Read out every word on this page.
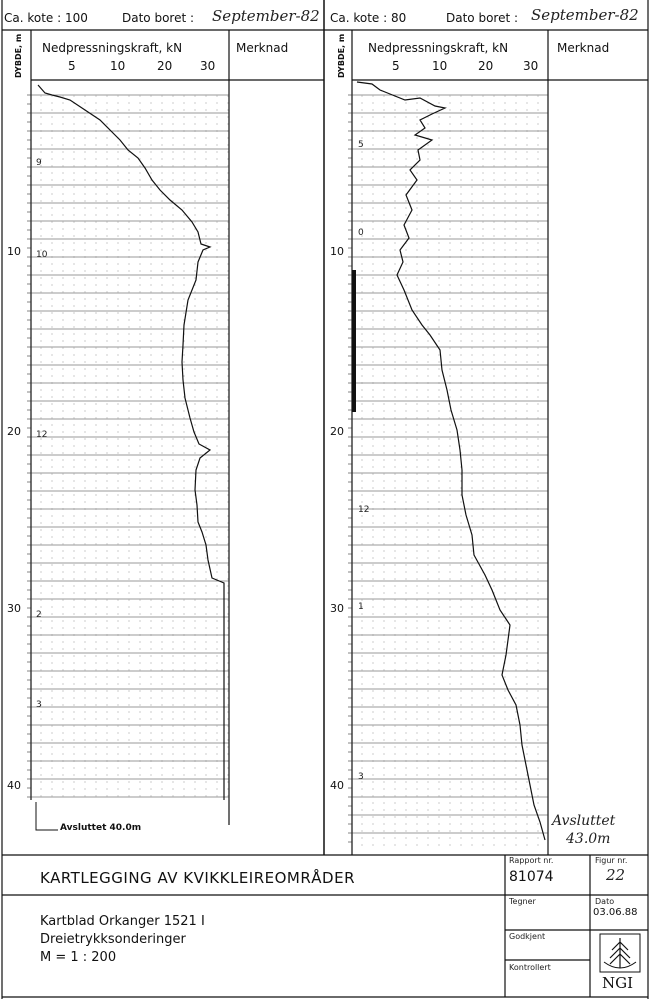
Ca. kote : 100	Dato boret : September-82 Ca. kote : 80	Dato boret : September-82
DYBDE, m Nedpressningskraft, kN	Merknad
5	10	20 30	DYBDE, m Nedpressningskraft, kN	Merknad
5	10	20 30
10
20
30
40
10
20
30
40
9
10
12
2
3
5
0
12
1
3
Avsluttet 40.0m	Avsluttet
43.0m
KARTLEGGING AV KVIKKLEIREOMRÅDER
Rapport nr.
81074
Figur nr.
22
Tegner	Dato
03.06.88
Godkjent
Kontrollert
Kartblad Orkanger 1521 I
Dreietrykksonderinger
M = 1 : 200
NGI
